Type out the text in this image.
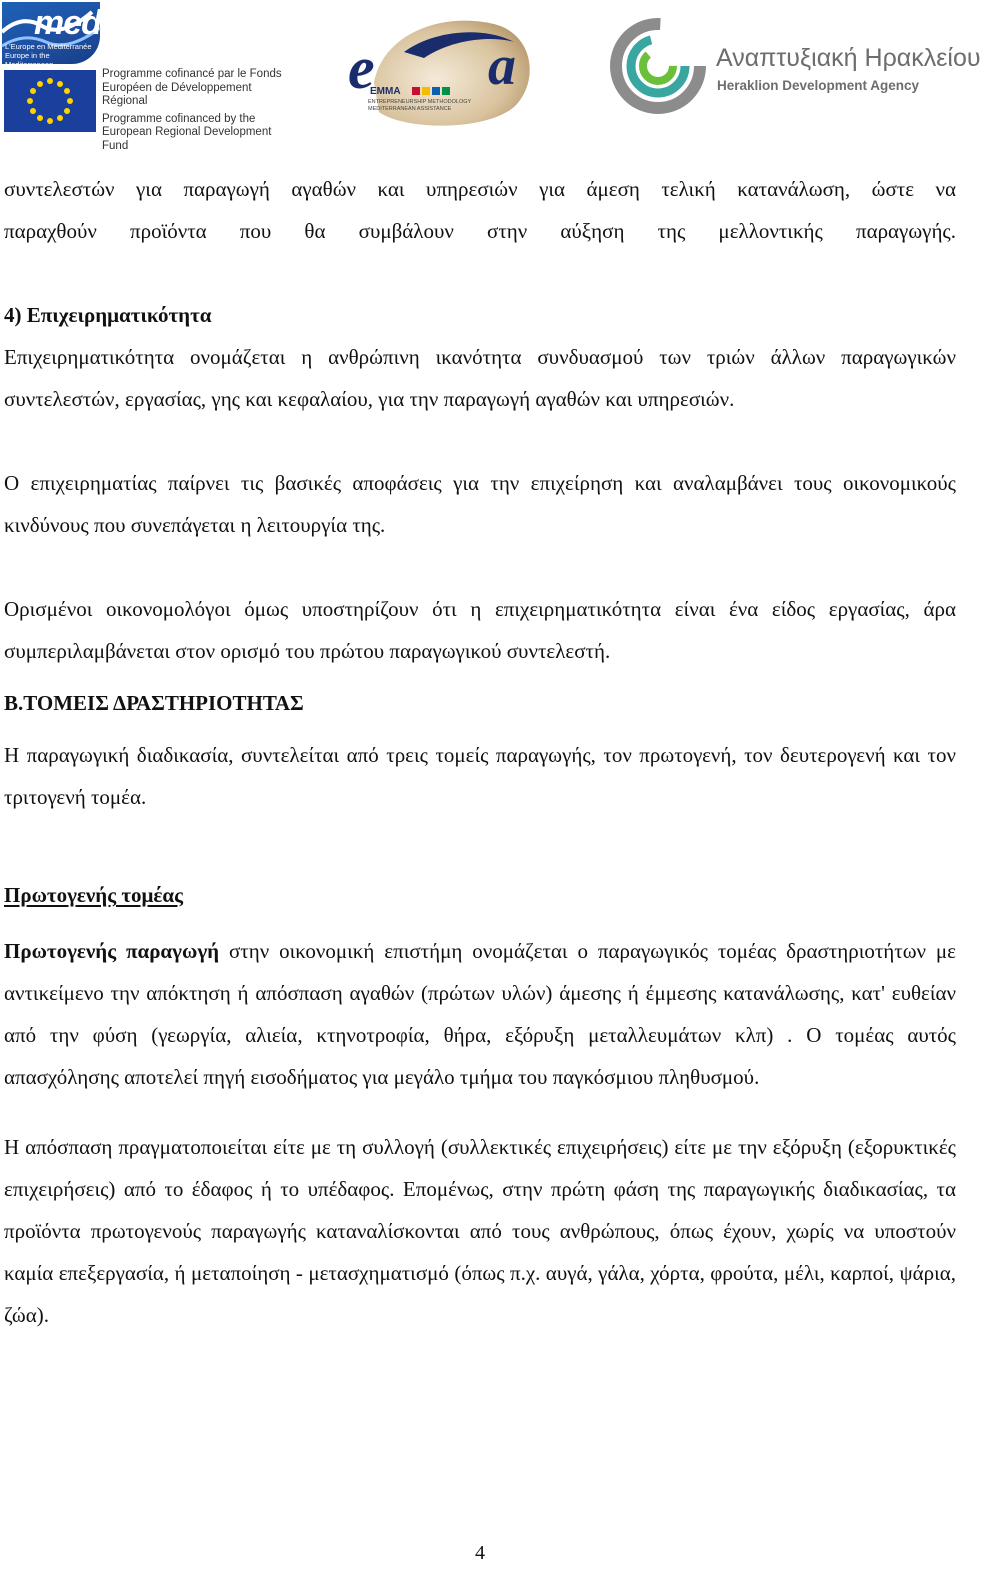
med
L'Europe en Méditerranée
Europe in the Mediterranean
Programme cofinancé par le Fonds Européen de Développement Régional
Programme cofinanced by the European Regional Development Fund
e a
EMMA
ENTREPRENEURSHIP METHODOLOGY MEDITERRANEAN ASSISTANCE
Αναπτυξιακή Ηρακλείου
Heraklion Development Agency

συντελεστών για παραγωγή αγαθών και υπηρεσιών για άμεση τελική κατανάλωση, ώστε να

παραχθούν προϊόντα που θα συμβάλουν στην αύξηση της μελλοντικής παραγωγής.

4) Επιχειρηματικότητα

Επιχειρηματικότητα ονομάζεται η ανθρώπινη ικανότητα συνδυασμού των τριών άλλων παραγωγικών συντελεστών, εργασίας, γης και κεφαλαίου, για την παραγωγή αγαθών και υπηρεσιών.

Ο επιχειρηματίας παίρνει τις βασικές αποφάσεις για την επιχείρηση και αναλαμβάνει τους οικονομικούς κινδύνους που συνεπάγεται η λειτουργία της.

Ορισμένοι οικονομολόγοι όμως υποστηρίζουν ότι η επιχειρηματικότητα είναι ένα είδος εργασίας, άρα συμπεριλαμβάνεται στον ορισμό του πρώτου παραγωγικού συντελεστή.

Β.ΤΟΜΕΙΣ ΔΡΑΣΤΗΡΙΟΤΗΤΑΣ

Η παραγωγική διαδικασία, συντελείται από τρεις τομείς παραγωγής, τον πρωτογενή, τον δευτερογενή και τον τριτογενή τομέα.

Πρωτογενής τομέας

Πρωτογενής παραγωγή στην οικονομική επιστήμη ονομάζεται ο παραγωγικός τομέας δραστηριοτήτων με αντικείμενο την απόκτηση ή απόσπαση αγαθών (πρώτων υλών) άμεσης ή έμμεσης κατανάλωσης, κατ' ευθείαν από την φύση (γεωργία, αλιεία, κτηνοτροφία, θήρα, εξόρυξη μεταλλευμάτων κλπ) . Ο τομέας αυτός απασχόλησης αποτελεί πηγή εισοδήματος για μεγάλο τμήμα του παγκόσμιου πληθυσμού.

Η απόσπαση πραγματοποιείται είτε με τη συλλογή (συλλεκτικές επιχειρήσεις) είτε με την εξόρυξη (εξορυκτικές επιχειρήσεις) από το έδαφος ή το υπέδαφος. Επομένως, στην πρώτη φάση της παραγωγικής διαδικασίας, τα προϊόντα πρωτογενούς παραγωγής καταναλίσκονται από τους ανθρώπους, όπως έχουν, χωρίς να υποστούν καμία επεξεργασία, ή μεταποίηση - μετασχηματισμό (όπως π.χ. αυγά, γάλα, χόρτα, φρούτα, μέλι, καρποί, ψάρια, ζώα).

4
